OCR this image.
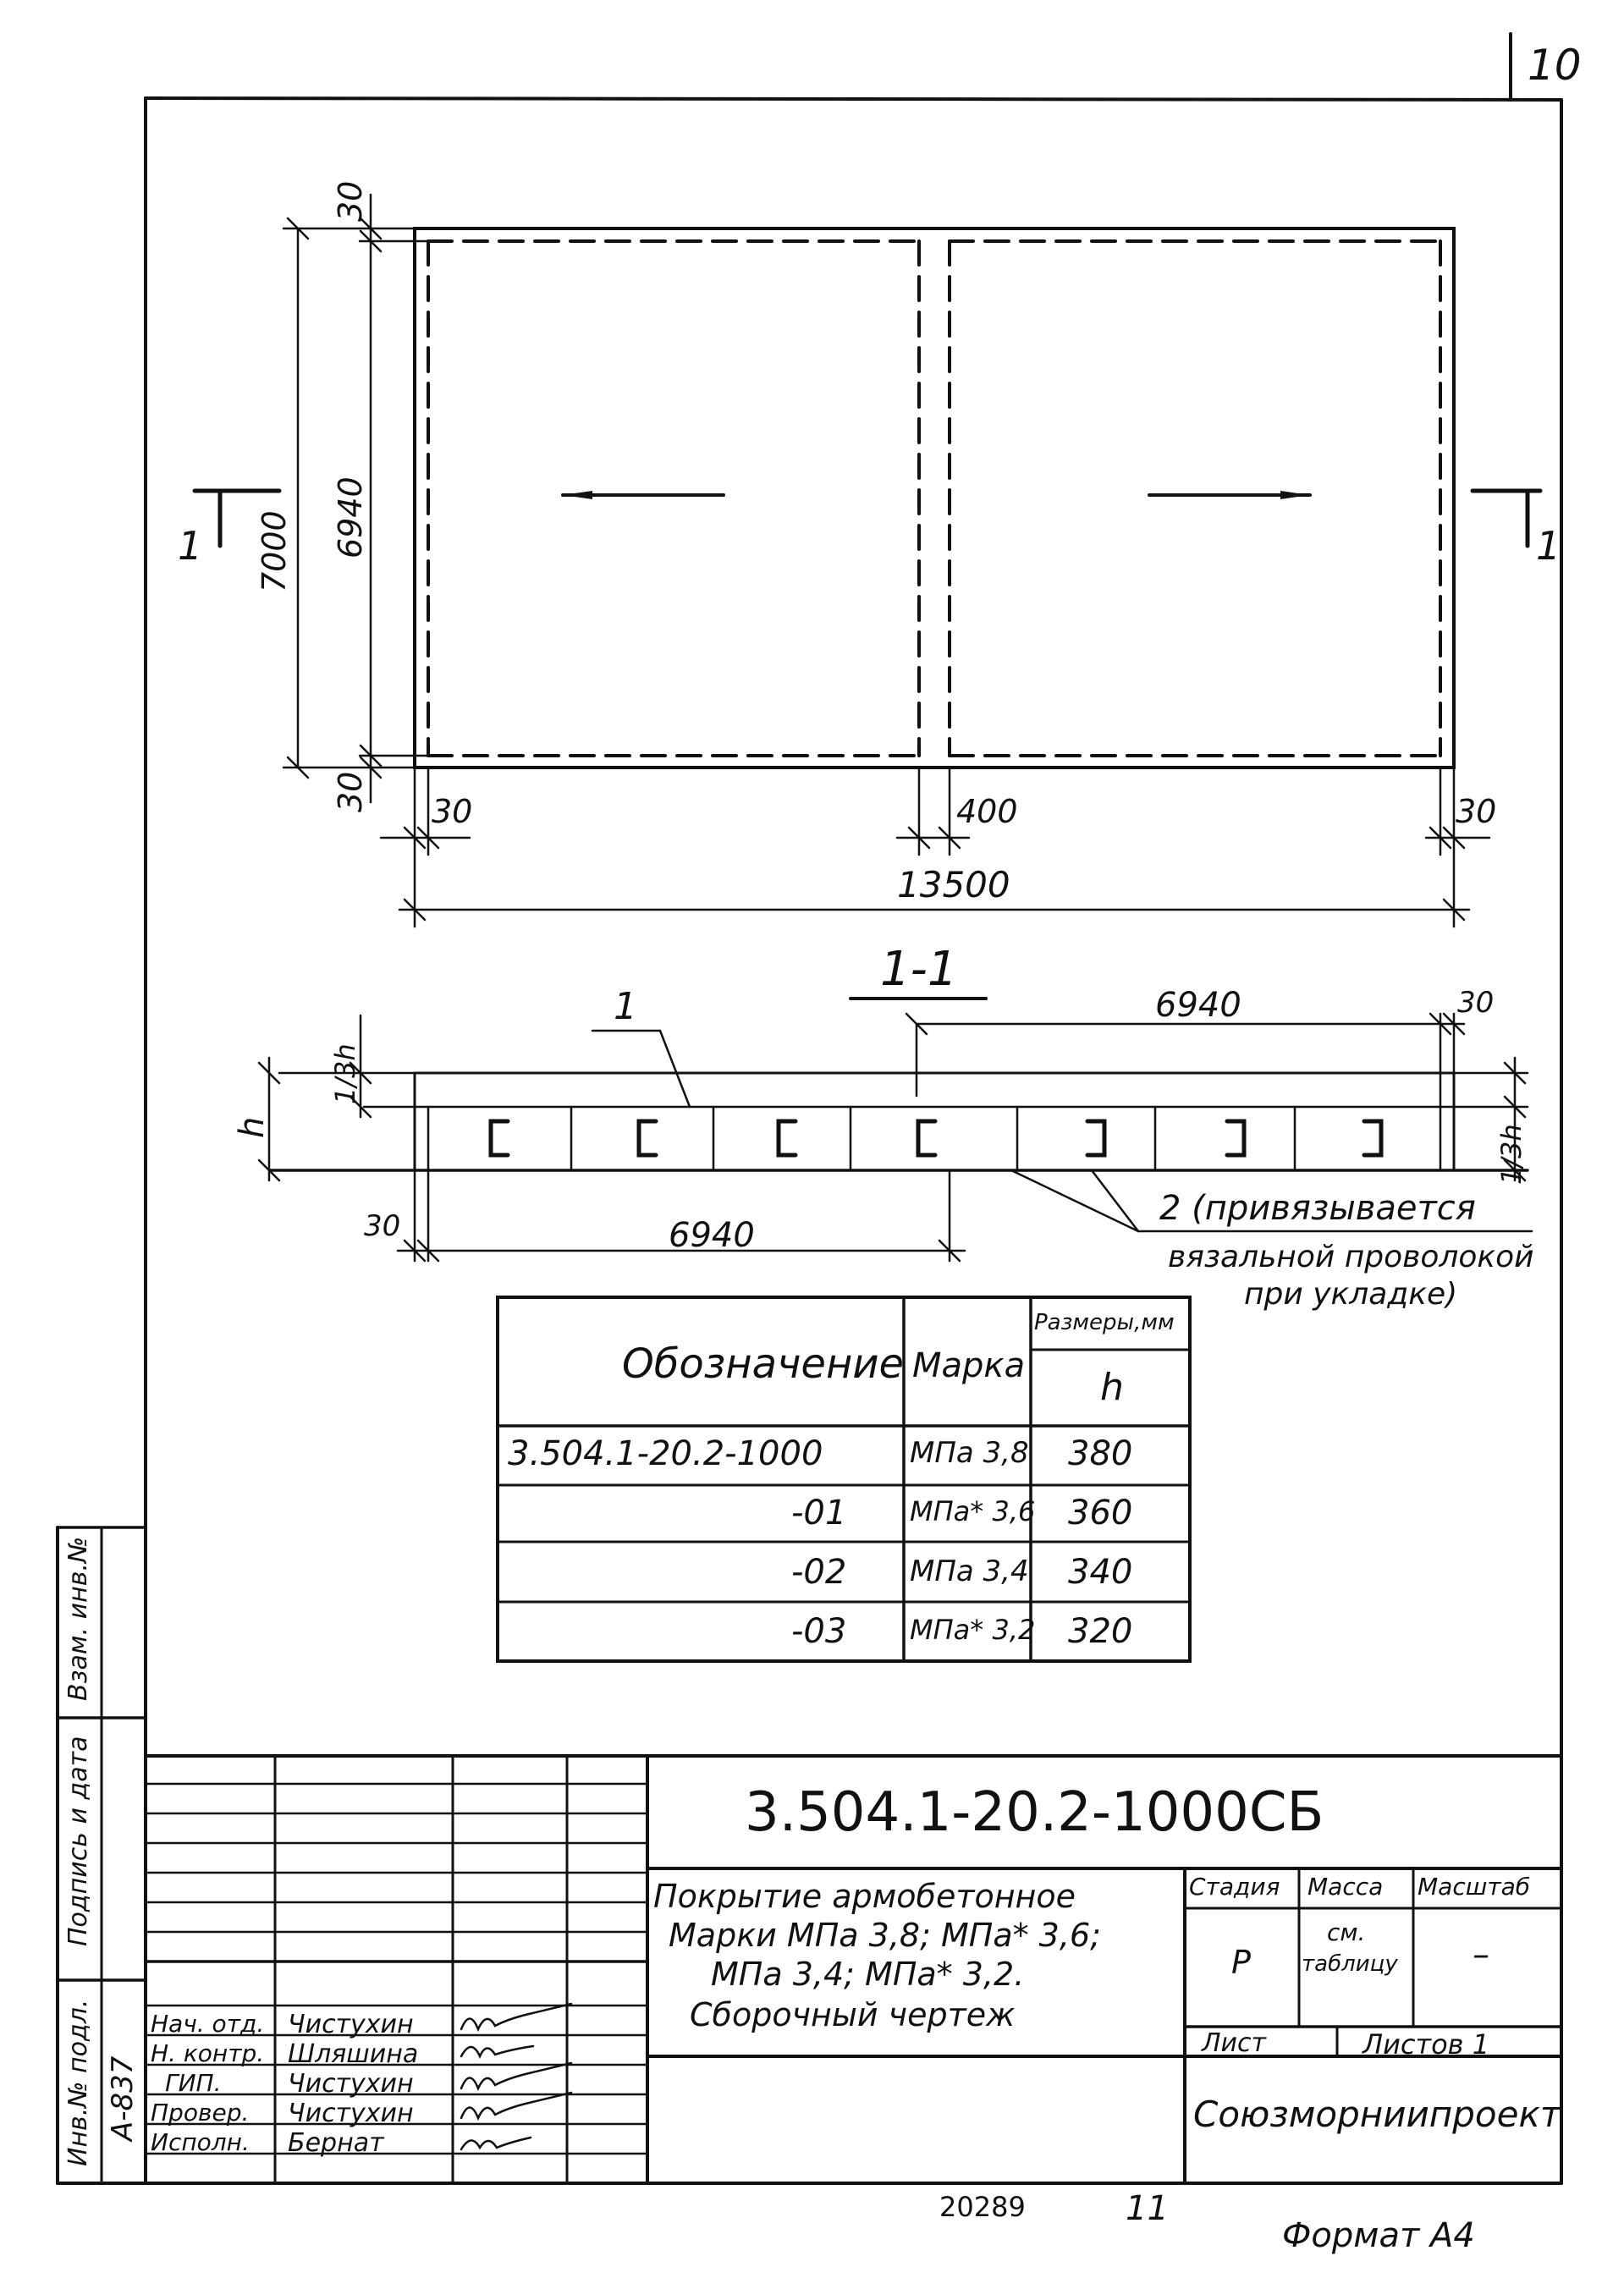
10
30
6940
7000
30 30	400	30
13500
1	1
1-1
1	6940	30
1/3h
h	1/3h
30	6940
2 (привязывается
вязальной проволокой
при укладке)
Обозначение Марка
Размеры,мм
h
3.504.1-20.2-1000	МПа 3,8 380
-01 МПа* 3,6 360
-02 МПа 3,4 340
-03 МПа* 3,2 320
Взам. инв.№
Подпись и дата
Инв.№ подл. А-837
3.504.1-20.2-1000СБ
Покрытие армобетонное
Марки МПа 3,8; МПа* 3,6;
МПа 3,4; МПа* 3,2.
Сборочный чертеж
Стадия Масса Масштаб
Р
см.
таблицу –
Лист	Листов 1
Союзморниипроект
Нач. отд. Чистухин
Н. контр. Шляшина
ГИП.	Чистухин
Провер. Чистухин
Исполн. Бернат
20289	11
Формат А4
